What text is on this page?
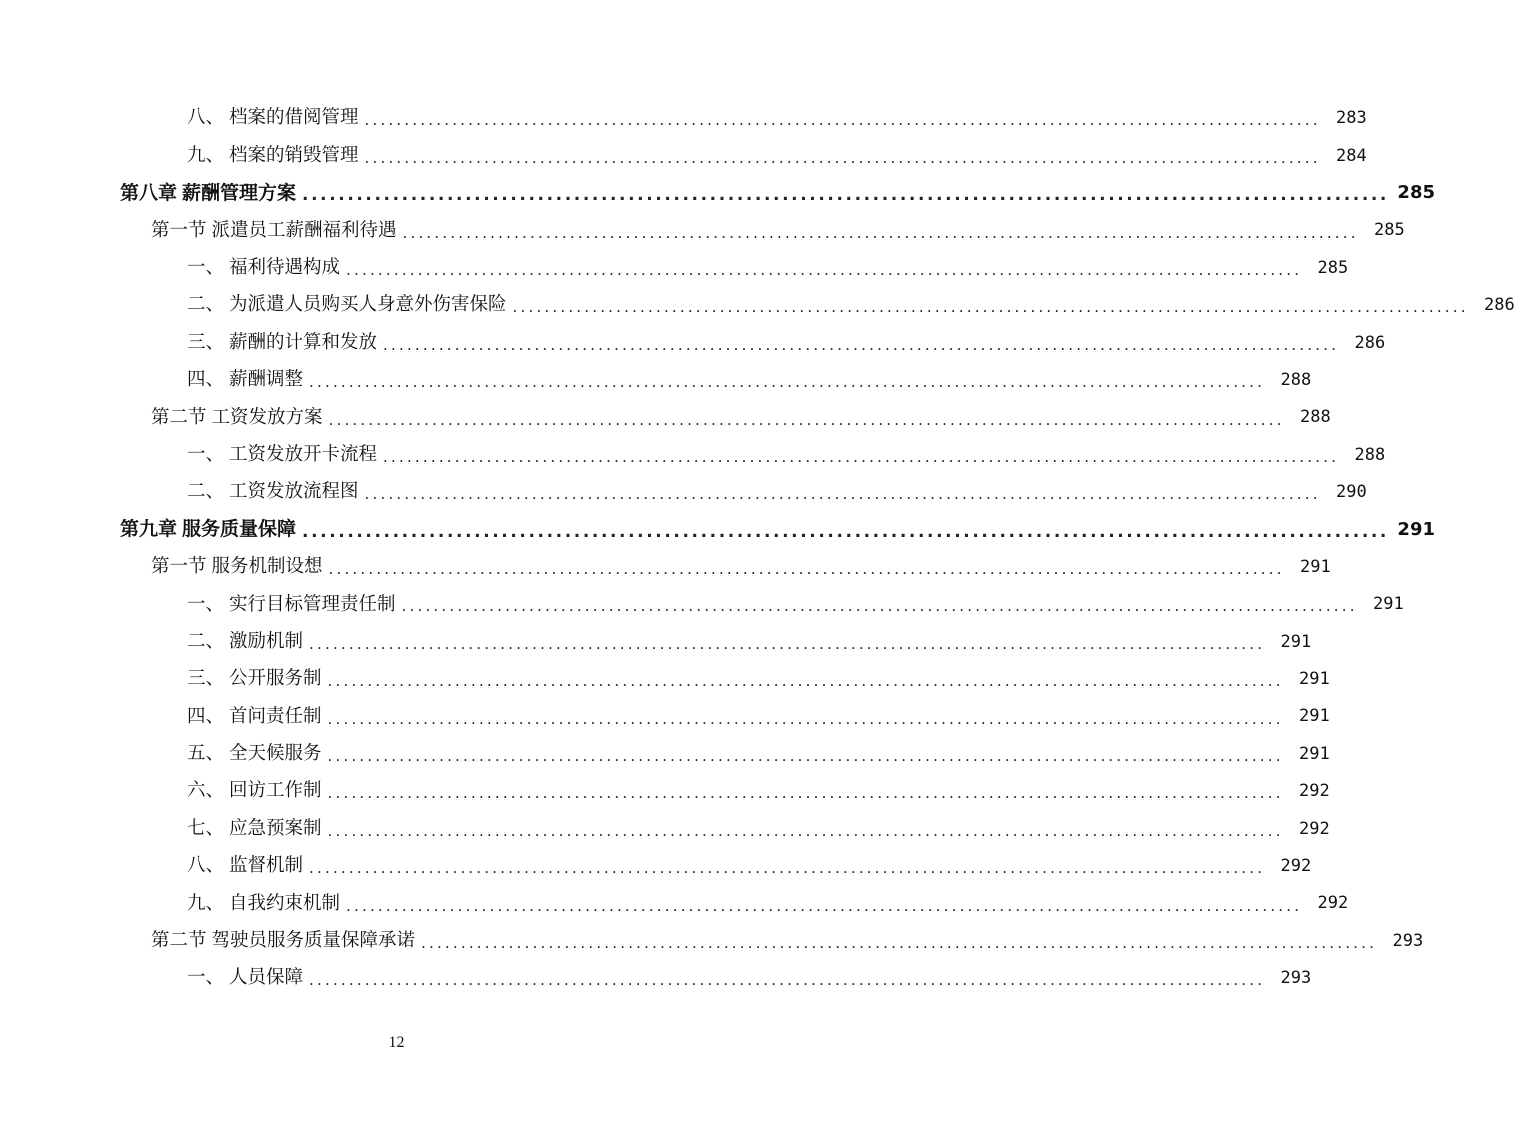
八 、 档案的借阅管理 ........................................................................................................................ 283
九 、 档案的销毁管理 ........................................................................................................................ 284
第八章 薪酬管理方案 ........................................................................................................................ 285
第一节 派遣员工薪酬福利待遇 ........................................................................................................................ 285
一 、 福利待遇构成 ........................................................................................................................ 285
二 、 为派遣人员购买人身意外伤害保险 ........................................................................................................................ 286
三 、 薪酬的计算和发放 ........................................................................................................................ 286
四 、 薪酬调整 ........................................................................................................................ 288
第二节 工资发放方案 ........................................................................................................................ 288
一 、 工资发放开卡流程 ........................................................................................................................ 288
二 、 工资发放流程图 ........................................................................................................................ 290
第九章 服务质量保障 ........................................................................................................................ 291
第一节 服务机制设想 ........................................................................................................................ 291
一 、 实行目标管理责任制 ........................................................................................................................ 291
二 、 激励机制 ........................................................................................................................ 291
三 、 公开服务制 ........................................................................................................................ 291
四 、 首问责任制 ........................................................................................................................ 291
五 、 全天候服务 ........................................................................................................................ 291
六 、 回访工作制 ........................................................................................................................ 292
七 、 应急预案制 ........................................................................................................................ 292
八 、 监督机制 ........................................................................................................................ 292
九 、 自我约束机制 ........................................................................................................................ 292
第二节 驾驶员服务质量保障承诺 ........................................................................................................................ 293
一 、 人员保障 ........................................................................................................................ 293
12
